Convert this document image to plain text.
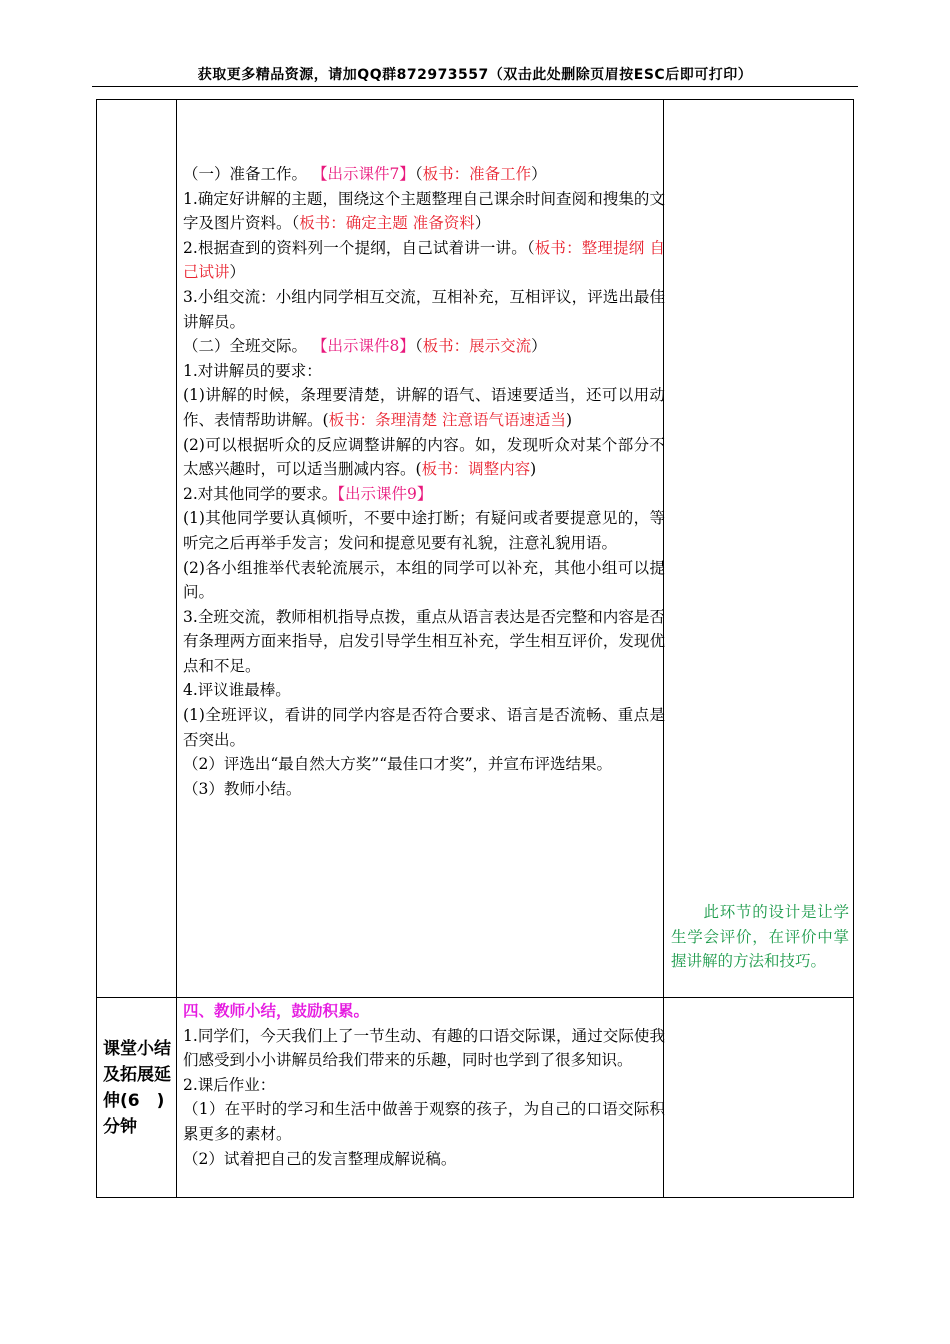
获取更多精品资源，请加QQ群872973557（双击此处删除页眉按ESC后即可打印）

（一）准备工作。 【出示课件7】（板书：准备工作）

1.确定好讲解的主题，围绕这个主题整理自己课余时间查阅和搜集的文字及图片资料。（板书：确定主题 准备资料）

2.根据查到的资料列一个提纲，自己试着讲一讲。（板书：整理提纲 自己试讲）

3.小组交流：小组内同学相互交流，互相补充，互相评议，评选出最佳讲解员。

（二）全班交际。 【出示课件8】（板书：展示交流）

1.对讲解员的要求：

(1)讲解的时候，条理要清楚，讲解的语气、语速要适当，还可以用动作、表情帮助讲解。(板书：条理清楚 注意语气语速适当)

(2)可以根据听众的反应调整讲解的内容。如，发现听众对某个部分不太感兴趣时，可以适当删减内容。(板书：调整内容)

2.对其他同学的要求。【出示课件9】

(1)其他同学要认真倾听，不要中途打断；有疑问或者要提意见的，等听完之后再举手发言；发问和提意见要有礼貌，注意礼貌用语。

(2)各小组推举代表轮流展示，本组的同学可以补充，其他小组可以提问。

3.全班交流，教师相机指导点拨，重点从语言表达是否完整和内容是否有条理两方面来指导，启发引导学生相互补充，学生相互评价，发现优点和不足。

4.评议谁最棒。

(1)全班评议，看讲的同学内容是否符合要求、语言是否流畅、重点是否突出。

（2）评选出“最自然大方奖”“最佳口才奖”，并宣布评选结果。

（3）教师小结。

　　此环节的设计是让学生学会评价，在评价中掌握讲解的方法和技巧。
课堂小结及拓展延伸(6　)分钟

四、教师小结，鼓励积累。

1.同学们，今天我们上了一节生动、有趣的口语交际课，通过交际使我们感受到小小讲解员给我们带来的乐趣，同时也学到了很多知识。

2.课后作业：

（1）在平时的学习和生活中做善于观察的孩子，为自己的口语交际积累更多的素材。

（2）试着把自己的发言整理成解说稿。
